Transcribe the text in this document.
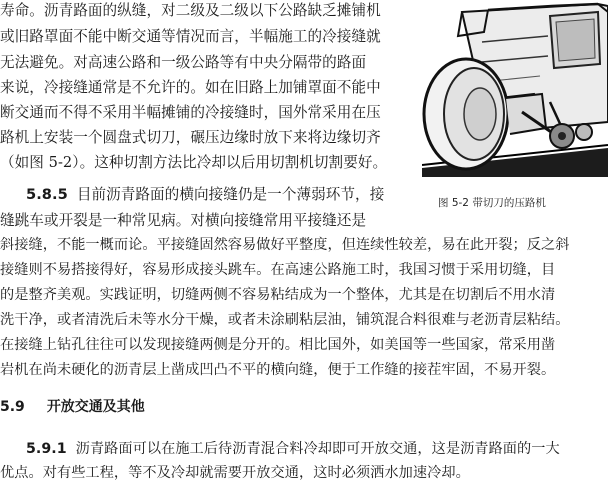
寿命。沥青路面的纵缝，对二级及二级以下公路缺乏摊铺机
或旧路罩面不能中断交通等情况而言，半幅施工的冷接缝就
无法避免。对高速公路和一级公路等有中央分隔带的路面
来说，冷接缝通常是不允许的。如在旧路上加铺罩面不能中
断交通而不得不采用半幅摊铺的冷接缝时，国外常采用在压
路机上安装一个圆盘式切刀，碾压边缘时放下来将边缘切齐
（如图 5-2）。这种切割方法比冷却以后用切割机切割要好。
图 5-2 带切刀的压路机
5.8.5 目前沥青路面的横向接缝仍是一个薄弱环节，接
缝跳车或开裂是一种常见病。对横向接缝常用平接缝还是
斜接缝，不能一概而论。平接缝固然容易做好平整度，但连续性较差，易在此开裂；反之斜
接缝则不易搭接得好，容易形成接头跳车。在高速公路施工时，我国习惯于采用切缝，目
的是整齐美观。实践证明，切缝两侧不容易粘结成为一个整体，尤其是在切割后不用水清
洗干净，或者清洗后未等水分干燥，或者未涂刷粘层油，铺筑混合料很难与老沥青层粘结。
在接缝上钻孔往往可以发现接缝两侧是分开的。相比国外，如美国等一些国家，常采用凿
岩机在尚未硬化的沥青层上凿成凹凸不平的横向缝，便于工作缝的接茬牢固，不易开裂。
5.9 开放交通及其他
5.9.1 沥青路面可以在施工后待沥青混合料冷却即可开放交通，这是沥青路面的一大
优点。对有些工程，等不及冷却就需要开放交通，这时必须洒水加速冷却。
